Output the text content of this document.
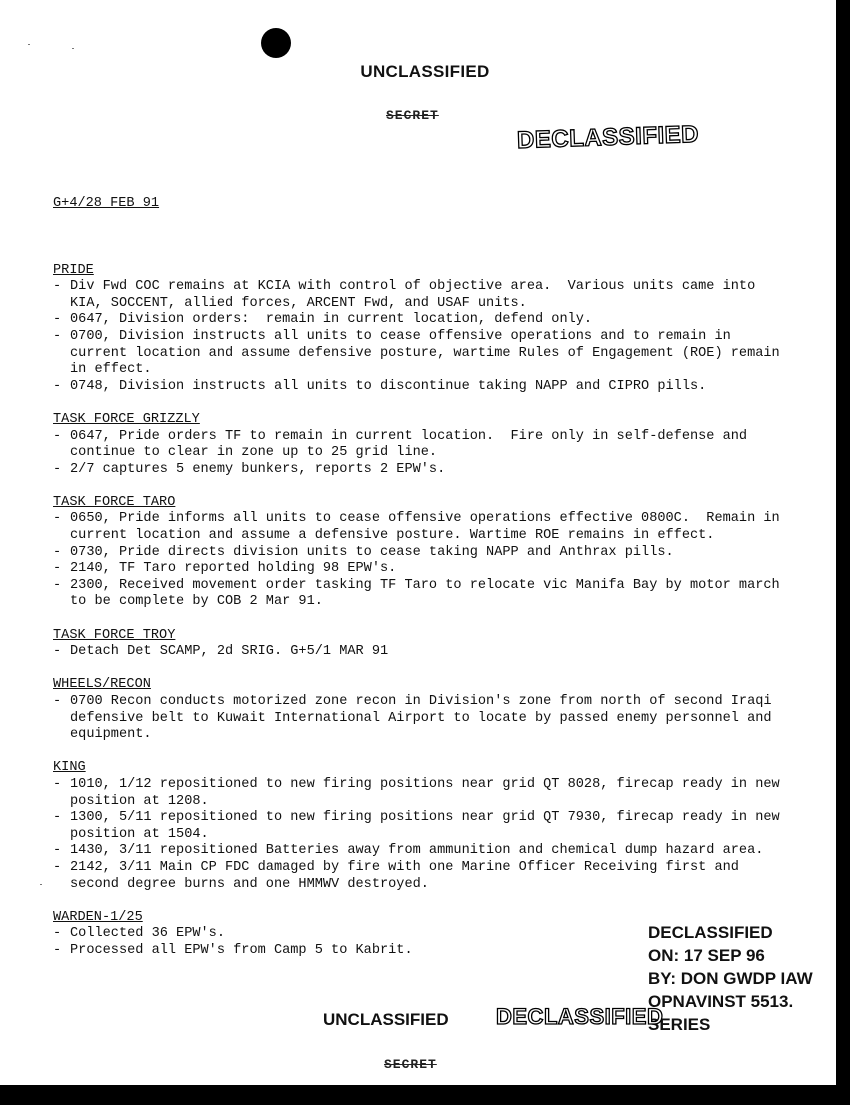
UNCLASSIFIED
SECRET
DECLASSIFIED

G+4/28 FEB 91

PRIDE
- Div Fwd COC remains at KCIA with control of objective area.  Various units came into KIA, SOCCENT, allied forces, ARCENT Fwd, and USAF units.
- 0647, Division orders:  remain in current location, defend only.
- 0700, Division instructs all units to cease offensive operations and to remain in current location and assume defensive posture, wartime Rules of Engagement (ROE) remain in effect.
- 0748, Division instructs all units to discontinue taking NAPP and CIPRO pills.
TASK FORCE GRIZZLY
- 0647, Pride orders TF to remain in current location.  Fire only in self-defense and continue to clear in zone up to 25 grid line.
- 2/7 captures 5 enemy bunkers, reports 2 EPW's.
TASK FORCE TARO
- 0650, Pride informs all units to cease offensive operations effective 0800C.  Remain in current location and assume a defensive posture. Wartime ROE remains in effect.
- 0730, Pride directs division units to cease taking NAPP and Anthrax pills.
- 2140, TF Taro reported holding 98 EPW's.
- 2300, Received movement order tasking TF Taro to relocate vic Manifa Bay by motor march to be complete by COB 2 Mar 91.
TASK FORCE TROY
- Detach Det SCAMP, 2d SRIG. G+5/1 MAR 91
WHEELS/RECON
- 0700 Recon conducts motorized zone recon in Division's zone from north of second Iraqi defensive belt to Kuwait International Airport to locate by passed enemy personnel and equipment.
KING
- 1010, 1/12 repositioned to new firing positions near grid QT 8028, firecap ready in new position at 1208.
- 1300, 5/11 repositioned to new firing positions near grid QT 7930, firecap ready in new position at 1504.
- 1430, 3/11 repositioned Batteries away from ammunition and chemical dump hazard area.
- 2142, 3/11 Main CP FDC damaged by fire with one Marine Officer Receiving first and second degree burns and one HMMWV destroyed.
WARDEN-1/25
- Collected 36 EPW's.
- Processed all EPW's from Camp 5 to Kabrit.

DECLASSIFIED
ON: 17 SEP 96
BY: DON GWDP IAW
OPNAVINST 5513.
SERIES
UNCLASSIFIED DECLASSIFIED
SECRET
